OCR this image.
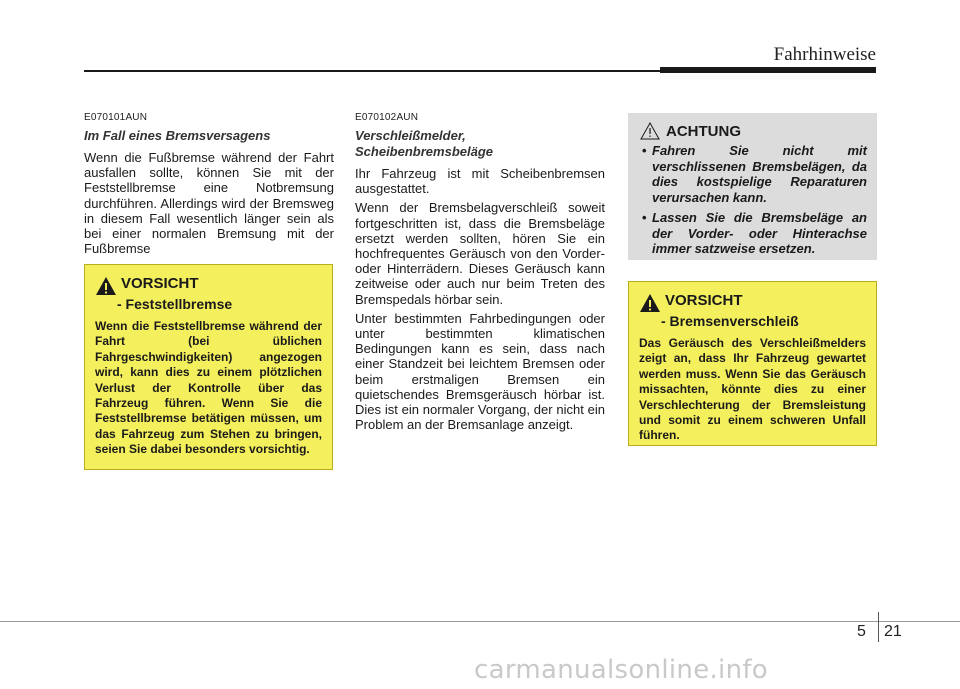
Fahrhinweise

E070101AUN

Im Fall eines Bremsversagens

Wenn die Fußbremse während der Fahrt ausfallen sollte, können Sie mit der Feststellbremse eine Notbremsung durchführen. Allerdings wird der Bremsweg in diesem Fall wesentlich länger sein als bei einer normalen Bremsung mit der Fußbremse

VORSICHT

- Feststellbremse

Wenn die Feststellbremse während der Fahrt (bei üblichen Fahrgeschwindigkeiten) angezogen wird, kann dies zu einem plötzlichen Verlust der Kontrolle über das Fahrzeug führen. Wenn Sie die Feststellbremse betätigen müssen, um das Fahrzeug zum Stehen zu bringen, seien Sie dabei besonders vorsichtig.

E070102AUN

Verschleißmelder,
Scheibenbremsbeläge

Ihr Fahrzeug ist mit Scheibenbremsen ausgestattet.

Wenn der Bremsbelagverschleiß soweit fortgeschritten ist, dass die Bremsbeläge ersetzt werden sollten, hören Sie ein hochfrequentes Geräusch von den Vorder- oder Hinterrädern. Dieses Geräusch kann zeitweise oder auch nur beim Treten des Bremspedals hörbar sein.

Unter bestimmten Fahrbedingungen oder unter bestimmten klimatischen Bedingungen kann es sein, dass nach einer Standzeit bei leichtem Bremsen oder beim erstmaligen Bremsen ein quietschendes Bremsgeräusch hörbar ist. Dies ist ein normaler Vorgang, der nicht ein Problem an der Bremsanlage anzeigt.

ACHTUNG
• Fahren Sie nicht mit verschlissenen Bremsbelägen, da dies kostspielige Reparaturen verursachen kann.
• Lassen Sie die Bremsbeläge an der Vorder- oder Hinterachse immer satzweise ersetzen.
VORSICHT

- Bremsenverschleiß

Das Geräusch des Verschleißmelders zeigt an, dass Ihr Fahrzeug gewartet werden muss. Wenn Sie das Geräusch missachten, könnte dies zu einer Verschlechterung der Bremsleistung und somit zu einem schweren Unfall führen.

5 21
carmanualsonline.info
